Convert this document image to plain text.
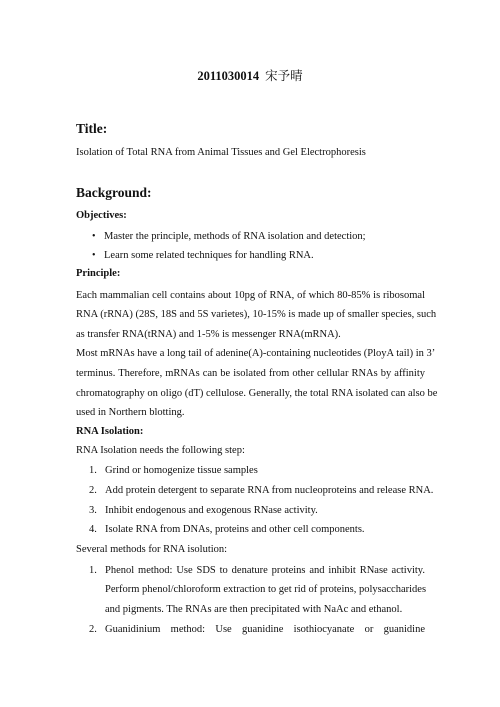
2011030014 宋予晴
Title:
Isolation of Total RNA from Animal Tissues and Gel Electrophoresis
Background:
Objectives:
• Master the principle, methods of RNA isolation and detection;
• Learn some related techniques for handling RNA.
Principle:
Each mammalian cell contains about 10pg of RNA, of which 80-85% is ribosomal
RNA (rRNA) (28S, 18S and 5S varietes), 10-15% is made up of smaller species, such
as transfer RNA(tRNA) and 1-5% is messenger RNA(mRNA).
Most mRNAs have a long tail of adenine(A)-containing nucleotides (PloyA tail) in 3’
terminus. Therefore, mRNAs can be isolated from other cellular RNAs by affinity
chromatography on oligo (dT) cellulose. Generally, the total RNA isolated can also be
used in Northern blotting.
RNA Isolation:
RNA Isolation needs the following step:
1. Grind or homogenize tissue samples
2. Add protein detergent to separate RNA from nucleoproteins and release RNA.
3. Inhibit endogenous and exogenous RNase activity.
4. Isolate RNA from DNAs, proteins and other cell components.
Several methods for RNA isolution:
1. Phenol method: Use SDS to denature proteins and inhibit RNase activity.
Perform phenol/chloroform extraction to get rid of proteins, polysaccharides
and pigments. The RNAs are then precipitated with NaAc and ethanol.
2. Guanidinium method: Use guanidine isothiocyanate or guanidine
